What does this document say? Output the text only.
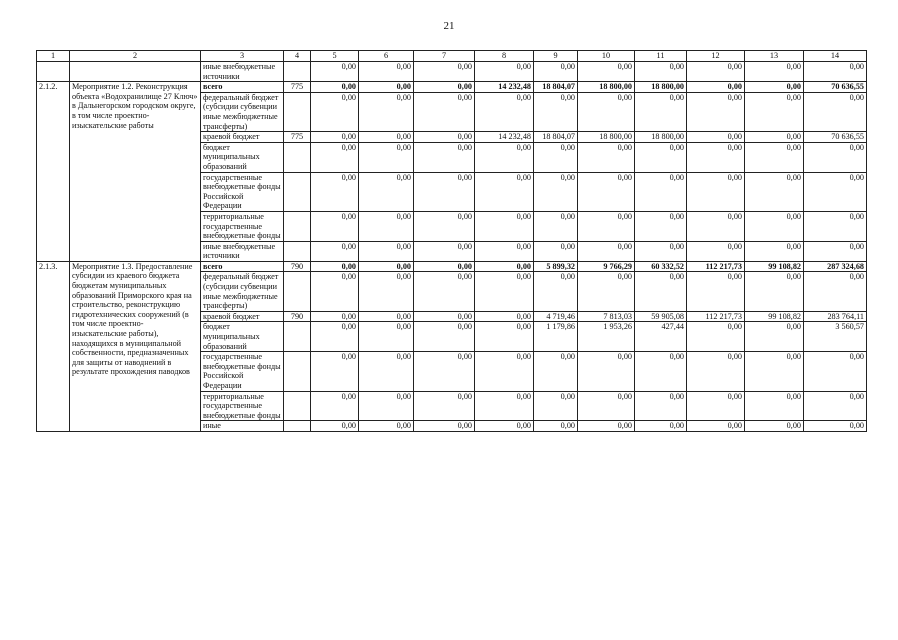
21
1	2	3	4	5	6	7	8	9	10	11	12	13	14
		иные внебюджетные источники		0,00	0,00	0,00	0,00	0,00	0,00	0,00	0,00	0,00	0,00
2.1.2.	Мероприятие 1.2. Реконструкция объекта «Водохранилище 27 Ключ» в Дальнегорском городском округе, в том числе проектно-изыскательские работы	всего	775	0,00	0,00	0,00	14 232,48	18 804,07	18 800,00	18 800,00	0,00	0,00	70 636,55
		федеральный бюджет (субсидии субвенции иные межбюджетные трансферты)		0,00	0,00	0,00	0,00	0,00	0,00	0,00	0,00	0,00	0,00
		краевой бюджет	775	0,00	0,00	0,00	14 232,48	18 804,07	18 800,00	18 800,00	0,00	0,00	70 636,55
		бюджет муниципальных образований		0,00	0,00	0,00	0,00	0,00	0,00	0,00	0,00	0,00	0,00
		государственные внебюджетные фонды Российской Федерации		0,00	0,00	0,00	0,00	0,00	0,00	0,00	0,00	0,00	0,00
		территориальные государственные внебюджетные фонды		0,00	0,00	0,00	0,00	0,00	0,00	0,00	0,00	0,00	0,00
		иные внебюджетные источники		0,00	0,00	0,00	0,00	0,00	0,00	0,00	0,00	0,00	0,00
2.1.3.	Мероприятие 1.3. Предоставление субсидии из краевого бюджета бюджетам муниципальных образований Приморского края на строительство, реконструкцию гидротехнических сооружений (в том числе проектно-изыскательские работы), находящихся в муниципальной собственности, предназначенных для защиты от наводнений в результате прохождения паводков	всего	790	0,00	0,00	0,00	0,00	5 899,32	9 766,29	60 332,52	112 217,73	99 108,82	287 324,68
		федеральный бюджет (субсидии субвенции иные межбюджетные трансферты)		0,00	0,00	0,00	0,00	0,00	0,00	0,00	0,00	0,00	0,00
		краевой бюджет	790	0,00	0,00	0,00	0,00	4 719,46	7 813,03	59 905,08	112 217,73	99 108,82	283 764,11
		бюджет муниципальных образований		0,00	0,00	0,00	0,00	1 179,86	1 953,26	427,44	0,00	0,00	3 560,57
		государственные внебюджетные фонды Российской Федерации		0,00	0,00	0,00	0,00	0,00	0,00	0,00	0,00	0,00	0,00
		территориальные государственные внебюджетные фонды		0,00	0,00	0,00	0,00	0,00	0,00	0,00	0,00	0,00	0,00
		иные		0,00	0,00	0,00	0,00	0,00	0,00	0,00	0,00	0,00	0,00
